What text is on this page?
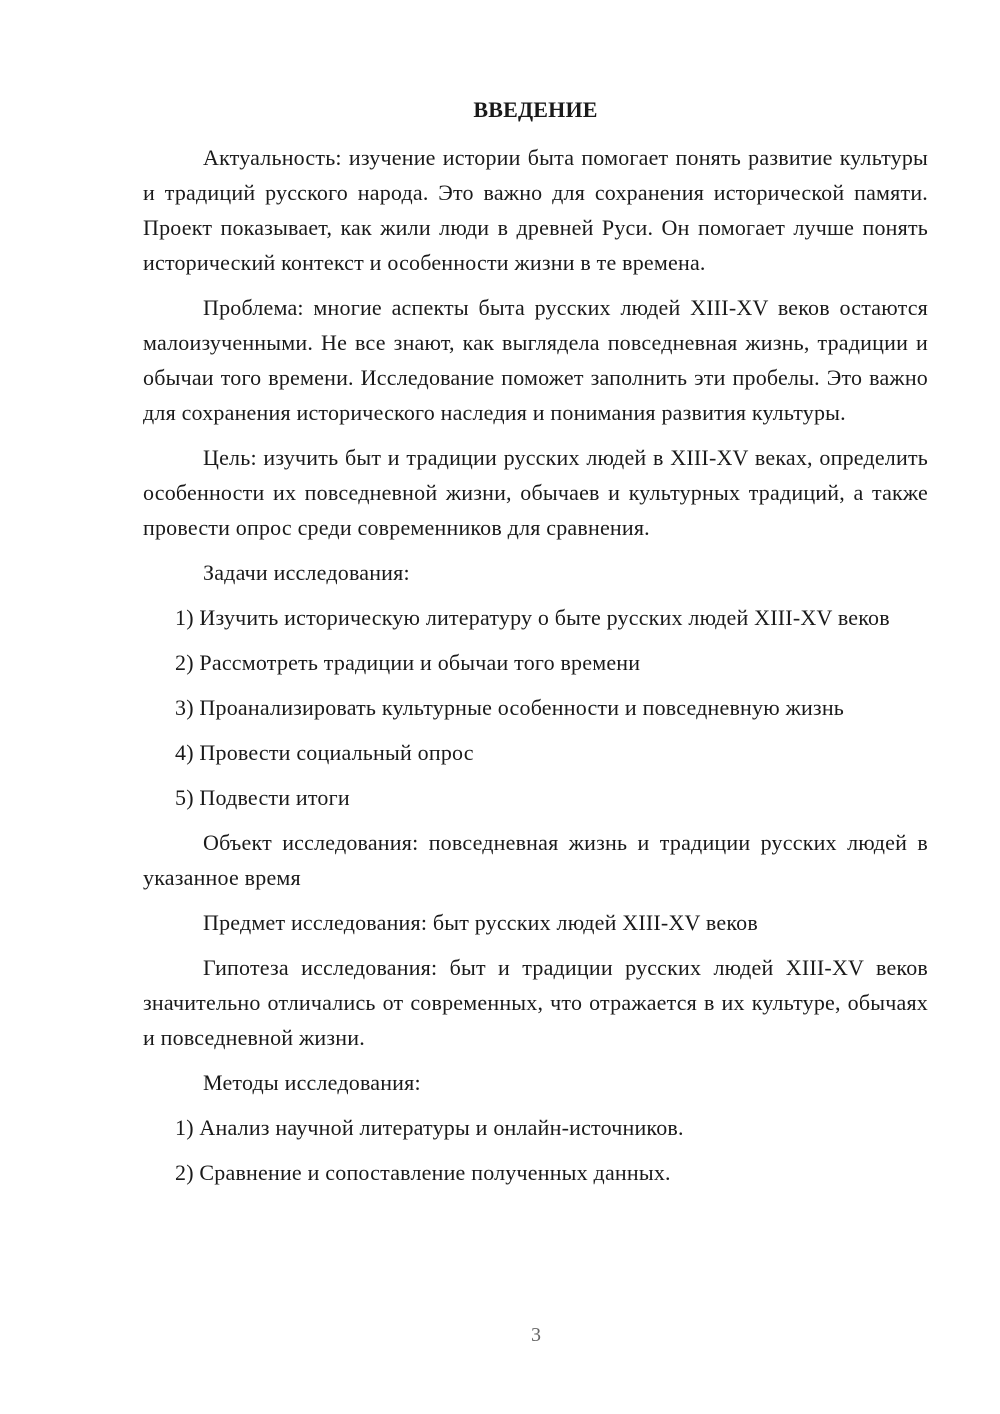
ВВЕДЕНИЕ

Актуальность: изучение истории быта помогает понять развитие культуры и традиций русского народа. Это важно для сохранения исторической памяти. Проект показывает, как жили люди в древней Руси. Он помогает лучше понять исторический контекст и особенности жизни в те времена.

Проблема: многие аспекты быта русских людей XIII-XV веков остаются малоизученными. Не все знают, как выглядела повседневная жизнь, традиции и обычаи того времени. Исследование поможет заполнить эти пробелы. Это важно для сохранения исторического наследия и понимания развития культуры.

Цель: изучить быт и традиции русских людей в XIII-XV веках, определить особенности их повседневной жизни, обычаев и культурных традиций, а также провести опрос среди современников для сравнения.

Задачи исследования:

1) Изучить историческую литературу о быте русских людей XIII-XV веков

2) Рассмотреть традиции и обычаи того времени

3) Проанализировать культурные особенности и повседневную жизнь

4) Провести социальный опрос

5) Подвести итоги

Объект исследования: повседневная жизнь и традиции русских людей в указанное время

Предмет исследования: быт русских людей XIII-XV веков

Гипотеза исследования: быт и традиции русских людей XIII-XV веков значительно отличались от современных, что отражается в их культуре, обычаях и повседневной жизни.

Методы исследования:

1) Анализ научной литературы и онлайн-источников.

2) Сравнение и сопоставление полученных данных.

3
